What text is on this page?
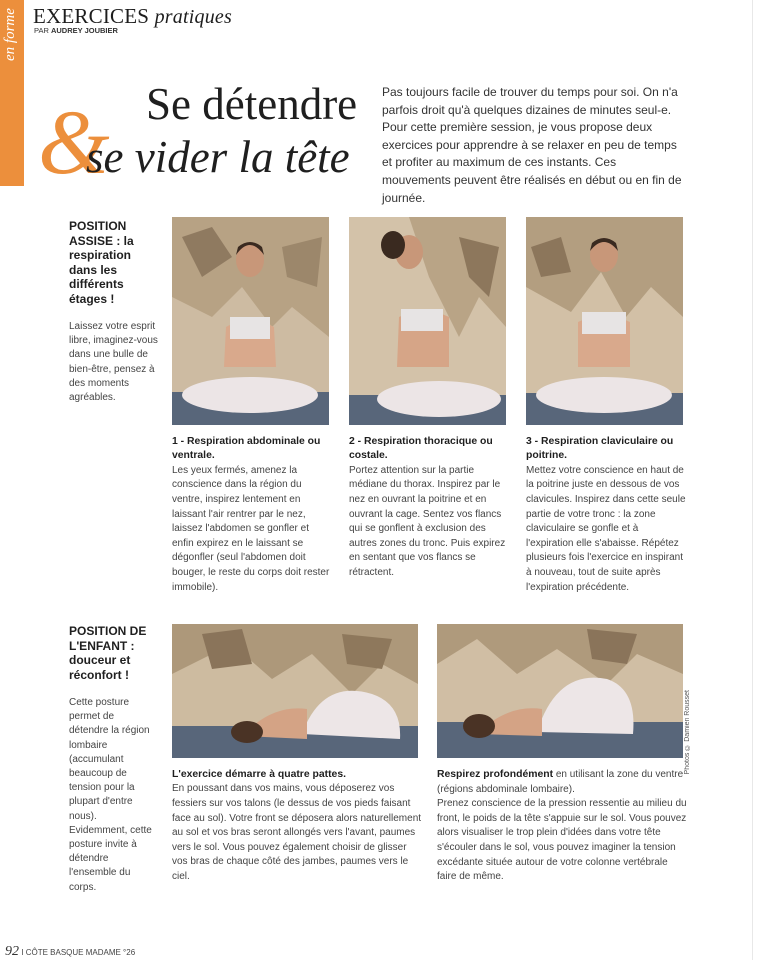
en forme EXERCICES pratiques
PAR AUDREY JOUBIER
Se détendre
&
se vider la tête
Pas toujours facile de trouver du temps pour soi. On n'a parfois droit qu'à quelques dizaines de minutes seul-e. Pour cette première session, je vous propose deux exercices pour apprendre à se relaxer en peu de temps et profiter au maximum de ces instants. Ces mouvements peuvent être réalisés en début ou en fin de journée.
POSITION ASSISE : la respiration dans les différents étages !
Laissez votre esprit libre, imaginez-vous dans une bulle de bien-être, pensez à des moments agréables.
1 - Respiration abdominale ou ventrale.
Les yeux fermés, amenez la conscience dans la région du ventre, inspirez lentement en laissant l'air rentrer par le nez, laissez l'abdomen se gonfler et enfin expirez en le laissant se dégonfler (seul l'abdomen doit bouger, le reste du corps doit rester immobile).
2 - Respiration thoracique ou costale.
Portez attention sur la partie médiane du thorax. Inspirez par le nez en ouvrant la poitrine et en ouvrant la cage. Sentez vos flancs qui se gonflent à exclusion des autres zones du tronc. Puis expirez en sentant que vos flancs se rétractent.
3 - Respiration claviculaire ou poitrine.
Mettez votre conscience en haut de la poitrine juste en dessous de vos clavicules. Inspirez dans cette seule partie de votre tronc : la zone claviculaire se gonfle et à l'expiration elle s'abaisse. Répétez plusieurs fois l'exercice en inspirant à nouveau, tout de suite après l'expiration précédente.
POSITION DE L'ENFANT : douceur et réconfort !
Cette posture permet de détendre la région lombaire (accumulant beaucoup de tension pour la plupart d'entre nous). Evidemment, cette posture invite à détendre l'ensemble du corps.
Photos © Damien Rousset
L'exercice démarre à quatre pattes.
En poussant dans vos mains, vous déposerez vos fessiers sur vos talons (le dessus de vos pieds faisant face au sol). Votre front se déposera alors naturellement au sol et vos bras seront allongés vers l'avant, paumes vers le sol. Vous pouvez également choisir de glisser vos bras de chaque côté des jambes, paumes vers le ciel.
Respirez profondément en utilisant la zone du ventre (régions abdominale lombaire).
Prenez conscience de la pression ressentie au milieu du front, le poids de la tête s'appuie sur le sol. Vous pouvez alors visualiser le trop plein d'idées dans votre tête s'écouler dans le sol, vous pouvez imaginer la tension excédante située autour de votre colonne vertébrale faire de même.
92 I CÔTE BASQUE MADAME °26
